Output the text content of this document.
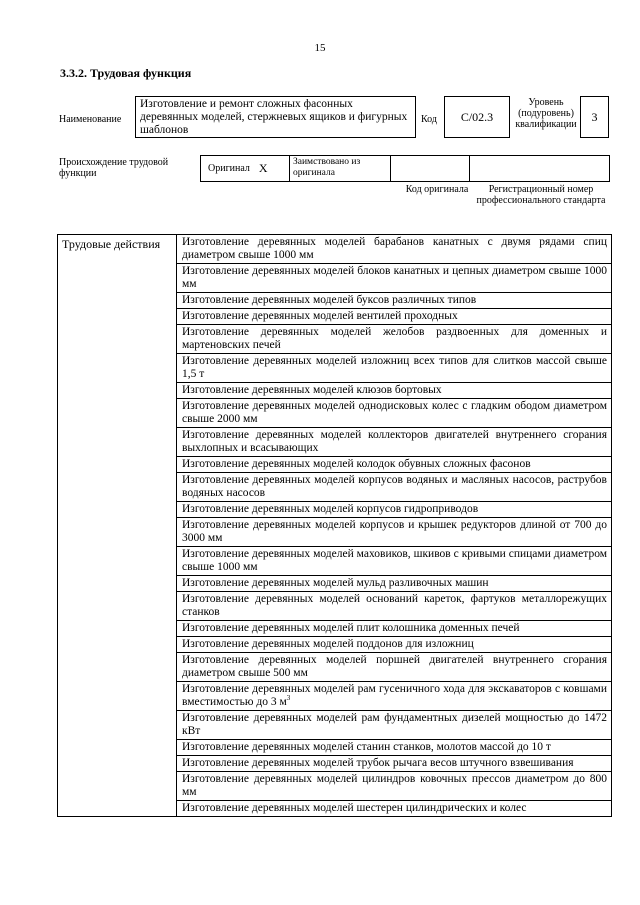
15
3.3.2. Трудовая функция
Наименование
Изготовление и ремонт сложных фасонных деревянных моделей, стержневых ящиков и фигурных шаблонов
Код	С/02.3
Уровень
(подуровень)
квалификации
3
Происхождение трудовой функции	Оригинал X	Заимствовано из оригинала
Код оригинала	Регистрационный номер профессионального стандарта
Трудовые действия	Изготовление деревянных моделей барабанов канатных с двумя рядами спиц диаметром свыше 1000 мм
Изготовление деревянных моделей блоков канатных и цепных диаметром свыше 1000 мм
Изготовление деревянных моделей буксов различных типов
Изготовление деревянных моделей вентилей проходных
Изготовление деревянных моделей желобов раздвоенных для доменных и мартеновских печей
Изготовление деревянных моделей изложниц всех типов для слитков массой свыше 1,5 т
Изготовление деревянных моделей клюзов бортовых
Изготовление деревянных моделей однодисковых колес с гладким ободом диаметром свыше 2000 мм
Изготовление деревянных моделей коллекторов двигателей внутреннего сгорания выхлопных и всасывающих
Изготовление деревянных моделей колодок обувных сложных фасонов
Изготовление деревянных моделей корпусов водяных и масляных насосов, раструбов водяных насосов
Изготовление деревянных моделей корпусов гидроприводов
Изготовление деревянных моделей корпусов и крышек редукторов длиной от 700 до 3000 мм
Изготовление деревянных моделей маховиков, шкивов с кривыми спицами диаметром свыше 1000 мм
Изготовление деревянных моделей мульд разливочных машин
Изготовление деревянных моделей оснований кареток, фартуков металлорежущих станков
Изготовление деревянных моделей плит колошника доменных печей
Изготовление деревянных моделей поддонов для изложниц
Изготовление деревянных моделей поршней двигателей внутреннего сгорания диаметром свыше 500 мм
Изготовление деревянных моделей рам гусеничного хода для экскаваторов с ковшами вместимостью до 3 $м^3$
Изготовление деревянных моделей рам фундаментных дизелей мощностью до 1472 кВт
Изготовление деревянных моделей станин станков, молотов массой до 10 т
Изготовление деревянных моделей трубок рычага весов штучного взвешивания
Изготовление деревянных моделей цилиндров ковочных прессов диаметром до 800 мм
Изготовление деревянных моделей шестерен цилиндрических и колес
